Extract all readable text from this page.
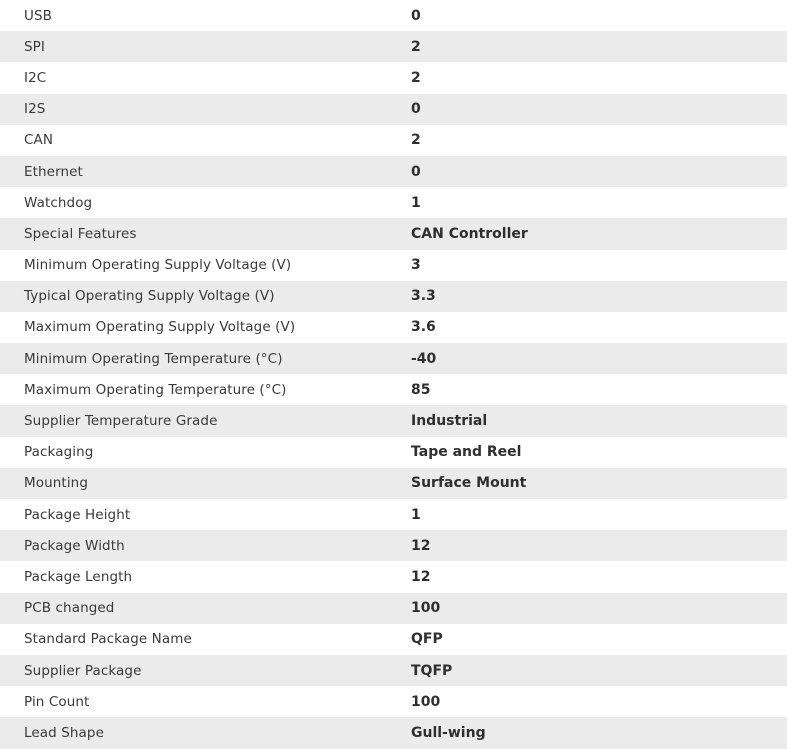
USB	0
SPI	2
I2C	2
I2S	0
CAN	2
Ethernet	0
Watchdog	1
Special Features	CAN Controller
Minimum Operating Supply Voltage (V)	3
Typical Operating Supply Voltage (V)	3.3
Maximum Operating Supply Voltage (V)	3.6
Minimum Operating Temperature (°C)	-40
Maximum Operating Temperature (°C)	85
Supplier Temperature Grade	Industrial
Packaging	Tape and Reel
Mounting	Surface Mount
Package Height	1
Package Width	12
Package Length	12
PCB changed	100
Standard Package Name	QFP
Supplier Package	TQFP
Pin Count	100
Lead Shape	Gull-wing
